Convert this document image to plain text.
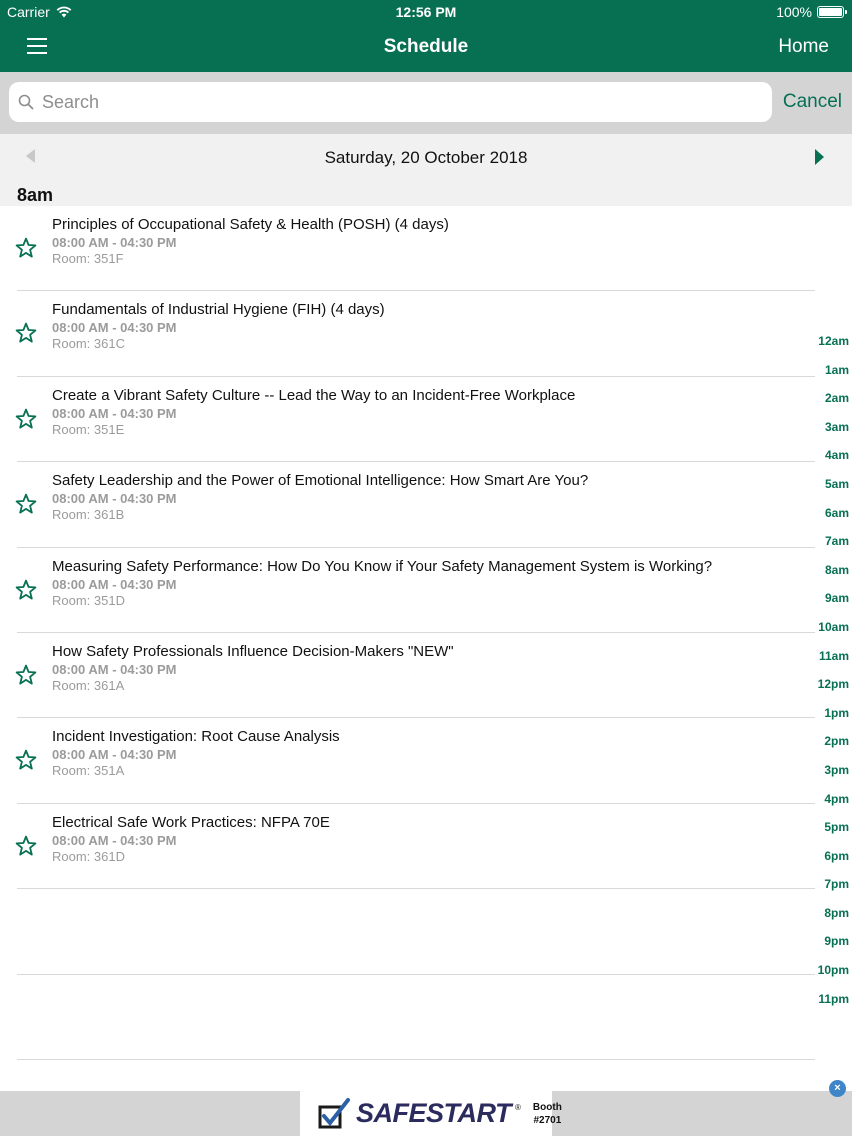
Carrier	12:56 PM	100%
Schedule	Home
Search
Cancel
Saturday, 20 October 2018
8am
Principles of Occupational Safety & Health (POSH) (4 days)
08:00 AM - 04:30 PM
Room: 351F
Fundamentals of Industrial Hygiene (FIH) (4 days)
08:00 AM - 04:30 PM
Room: 361C
Create a Vibrant Safety Culture -- Lead the Way to an Incident-Free Workplace
08:00 AM - 04:30 PM
Room: 351E
Safety Leadership and the Power of Emotional Intelligence: How Smart Are You?
08:00 AM - 04:30 PM
Room: 361B
Measuring Safety Performance: How Do You Know if Your Safety Management System is Working?
08:00 AM - 04:30 PM
Room: 351D
How Safety Professionals Influence Decision-Makers "NEW"
08:00 AM - 04:30 PM
Room: 361A
Incident Investigation: Root Cause Analysis
08:00 AM - 04:30 PM
Room: 351A
Electrical Safe Work Practices: NFPA 70E
08:00 AM - 04:30 PM
Room: 361D
12am
1am
2am
3am
4am
5am
6am
7am
8am
9am
10am
11am
12pm
1pm
2pm
3pm
4pm
5pm
6pm
7pm
8pm
9pm
10pm
11pm
SAFESTART ® Booth
#2701
×
